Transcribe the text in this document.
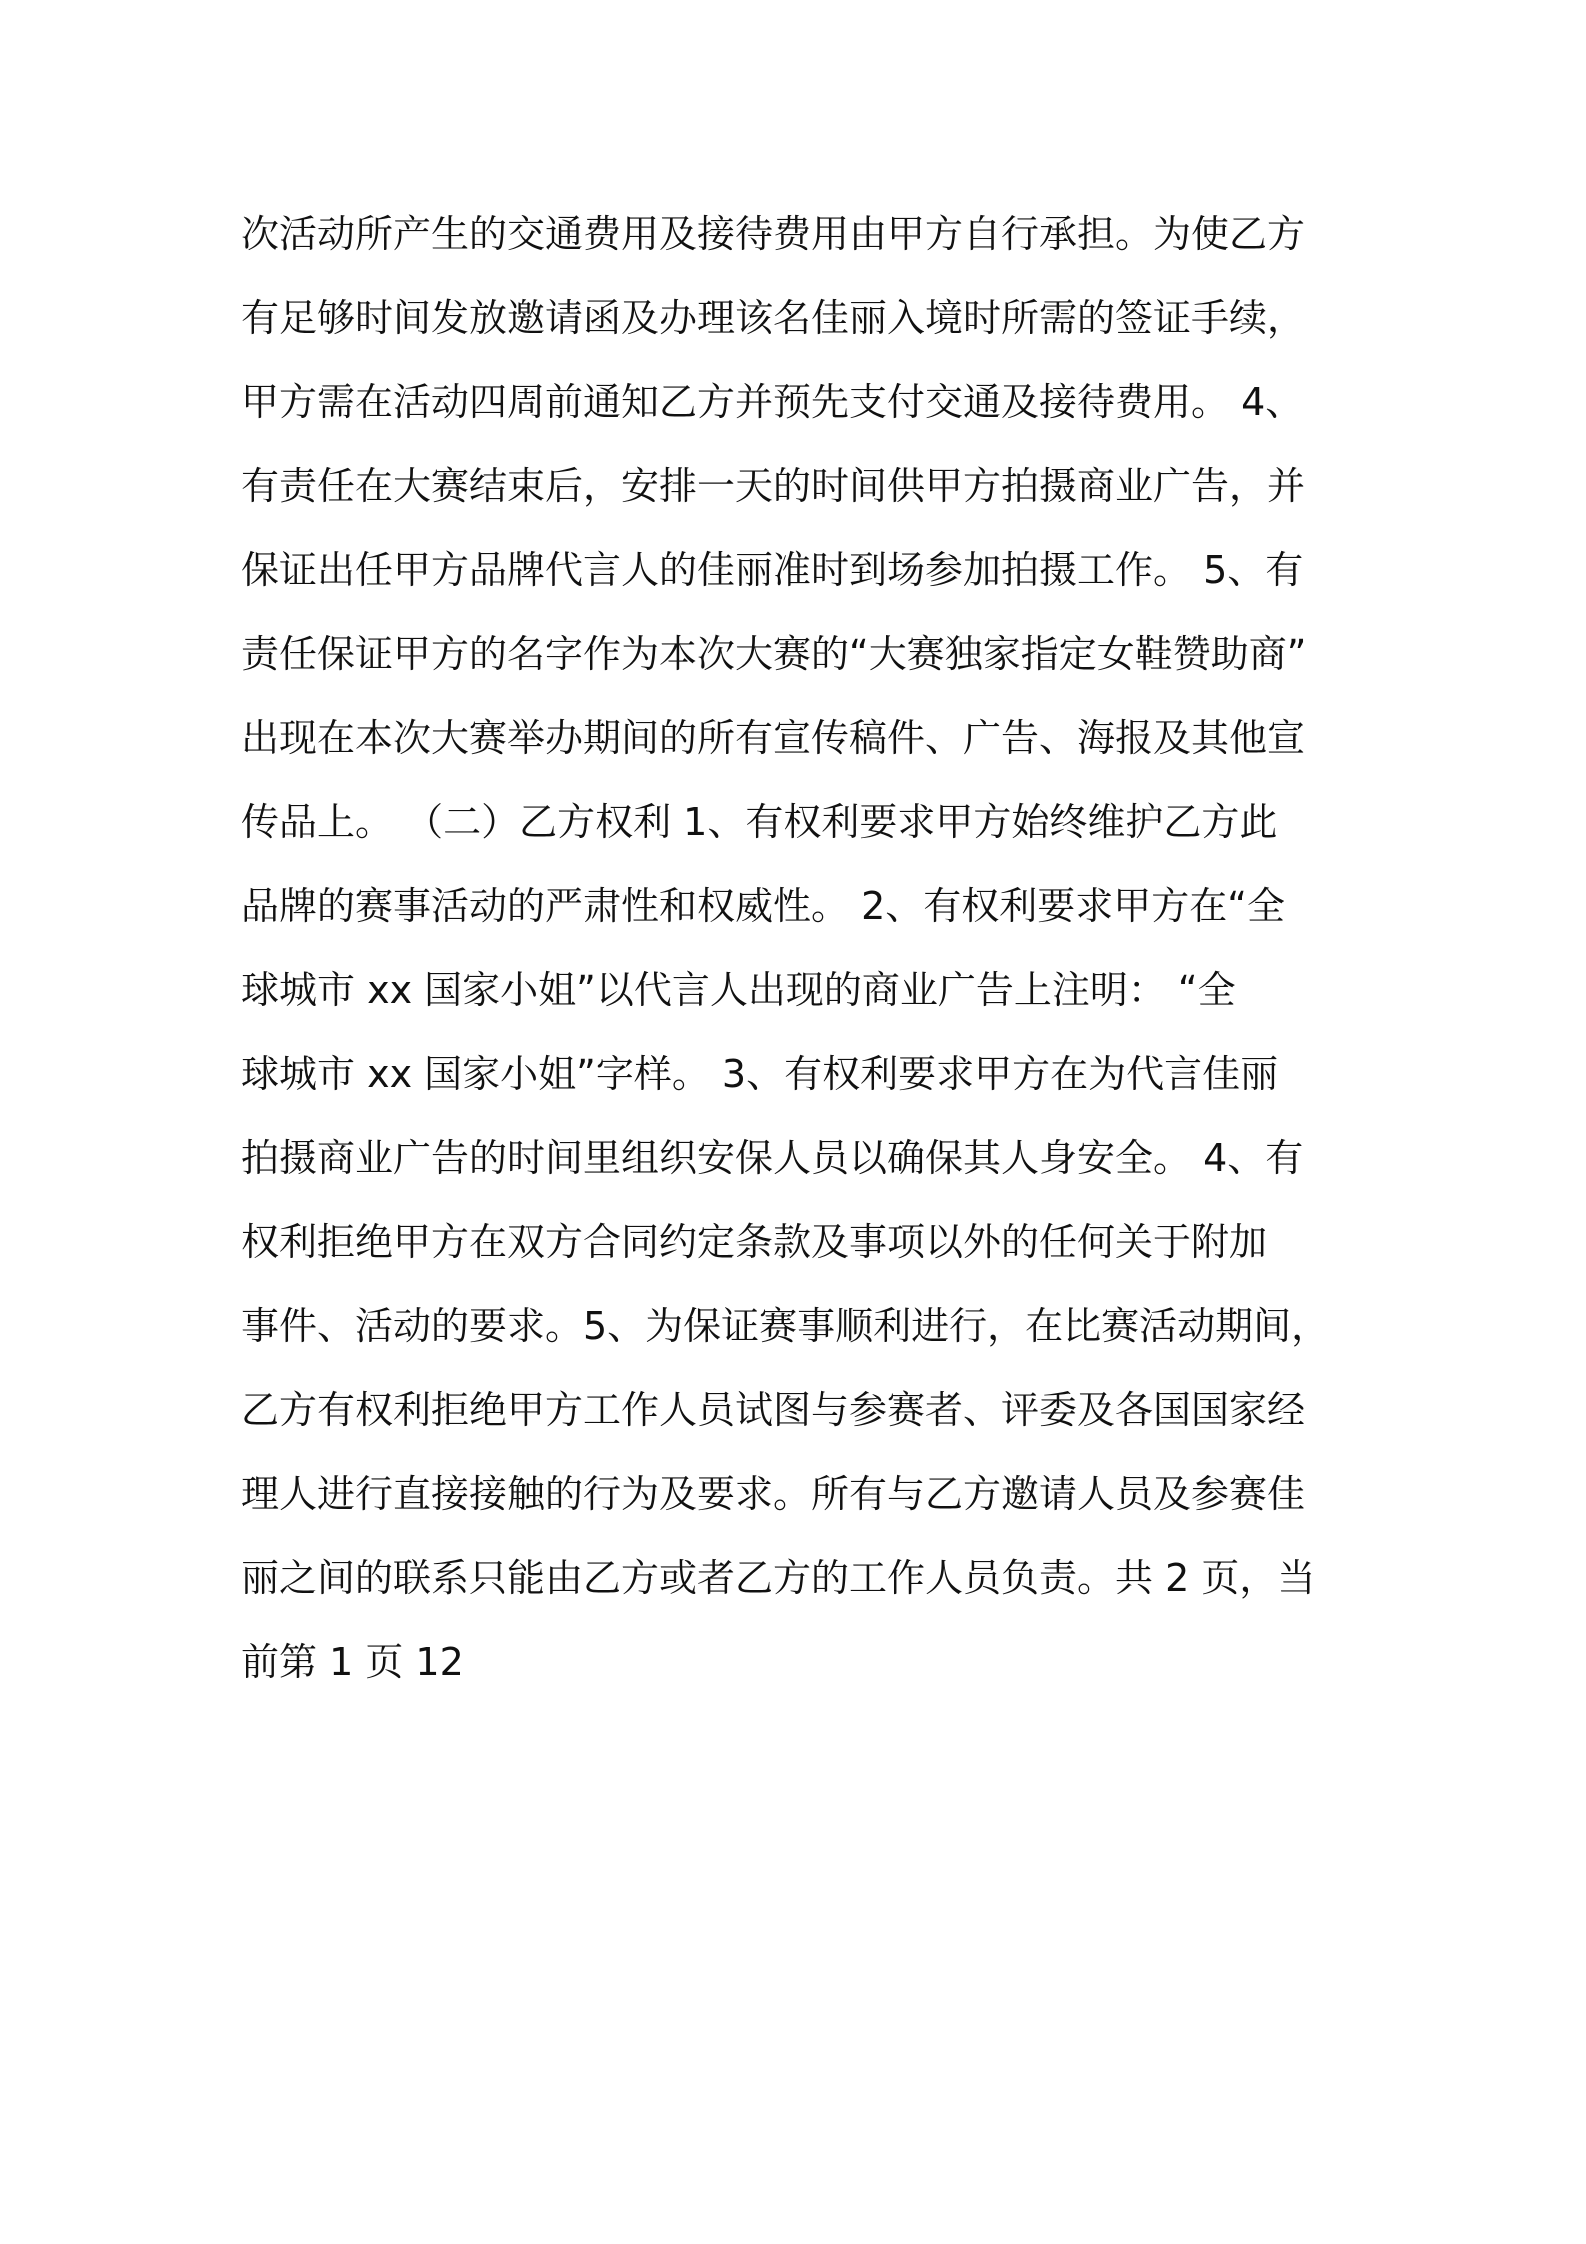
次活动所产生的交通费用及接待费用由甲方自行承担。为使乙方
有足够时间发放邀请函及办理该名佳丽入境时所需的签证手续，
甲方需在活动四周前通知乙方并预先支付交通及接待费用。 4、
有责任在大赛结束后，安排一天的时间供甲方拍摄商业广告，并
保证出任甲方品牌代言人的佳丽准时到场参加拍摄工作。 5、有
责任保证甲方的名字作为本次大赛的“大赛独家指定女鞋赞助商”
出现在本次大赛举办期间的所有宣传稿件、广告、海报及其他宣
传品上。 （二）乙方权利 1、有权利要求甲方始终维护乙方此
品牌的赛事活动的严肃性和权威性。 2、有权利要求甲方在“全
球城市 xx 国家小姐”以代言人出现的商业广告上注明： “全
球城市 xx 国家小姐”字样。 3、有权利要求甲方在为代言佳丽
拍摄商业广告的时间里组织安保人员以确保其人身安全。 4、有
权利拒绝甲方在双方合同约定条款及事项以外的任何关于附加
事件、活动的要求。5、为保证赛事顺利进行，在比赛活动期间，
乙方有权利拒绝甲方工作人员试图与参赛者、评委及各国国家经
理人进行直接接触的行为及要求。所有与乙方邀请人员及参赛佳
丽之间的联系只能由乙方或者乙方的工作人员负责。共 2 页，当
前第 1 页 12
